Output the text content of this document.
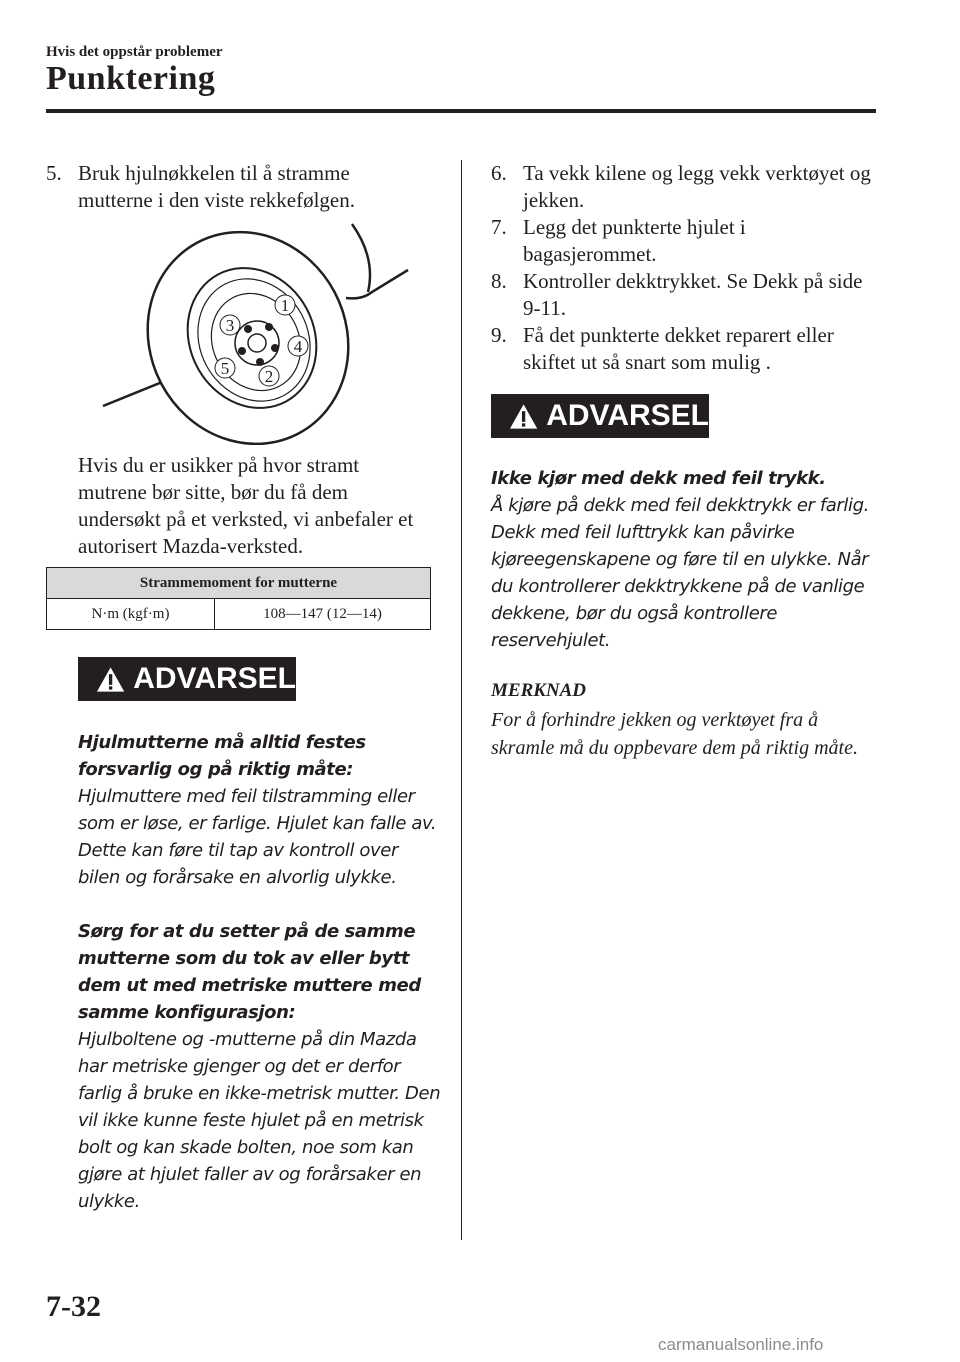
Hvis det oppstår problemer
Punktering
5. Bruk hjulnøkkelen til å stramme mutterne i den viste rekkefølgen.
1
2
3
4
5
Hvis du er usikker på hvor stramt mutrene bør sitte, bør du få dem undersøkt på et verksted, vi anbefaler et autorisert Mazda-verksted.
Strammemoment for mutterne
N·m (kgf·m)	108—147 (12—14)
ADVARSEL
Hjulmutterne må alltid festes forsvarlig og på riktig måte:
Hjulmuttere med feil tilstramming eller som er løse, er farlige. Hjulet kan falle av. Dette kan føre til tap av kontroll over bilen og forårsake en alvorlig ulykke.
Sørg for at du setter på de samme mutterne som du tok av eller bytt dem ut med metriske muttere med samme konfigurasjon:
Hjulboltene og -mutterne på din Mazda har metriske gjenger og det er derfor farlig å bruke en ikke-metrisk mutter. Den vil ikke kunne feste hjulet på en metrisk bolt og kan skade bolten, noe som kan gjøre at hjulet faller av og forårsaker en ulykke.
6. Ta vekk kilene og legg vekk verktøyet og jekken.
7. Legg det punkterte hjulet i bagasjerommet.
8. Kontroller dekktrykket. Se Dekk på side 9-11.
9. Få det punkterte dekket reparert eller skiftet ut så snart som mulig .
ADVARSEL
Ikke kjør med dekk med feil trykk.
Å kjøre på dekk med feil dekktrykk er farlig. Dekk med feil lufttrykk kan påvirke kjøreegenskapene og føre til en ulykke. Når du kontrollerer dekktrykkene på de vanlige dekkene, bør du også kontrollere reservehjulet.
MERKNAD
For å forhindre jekken og verktøyet fra å skramle må du oppbevare dem på riktig måte.
7-32
carmanualsonline.info
